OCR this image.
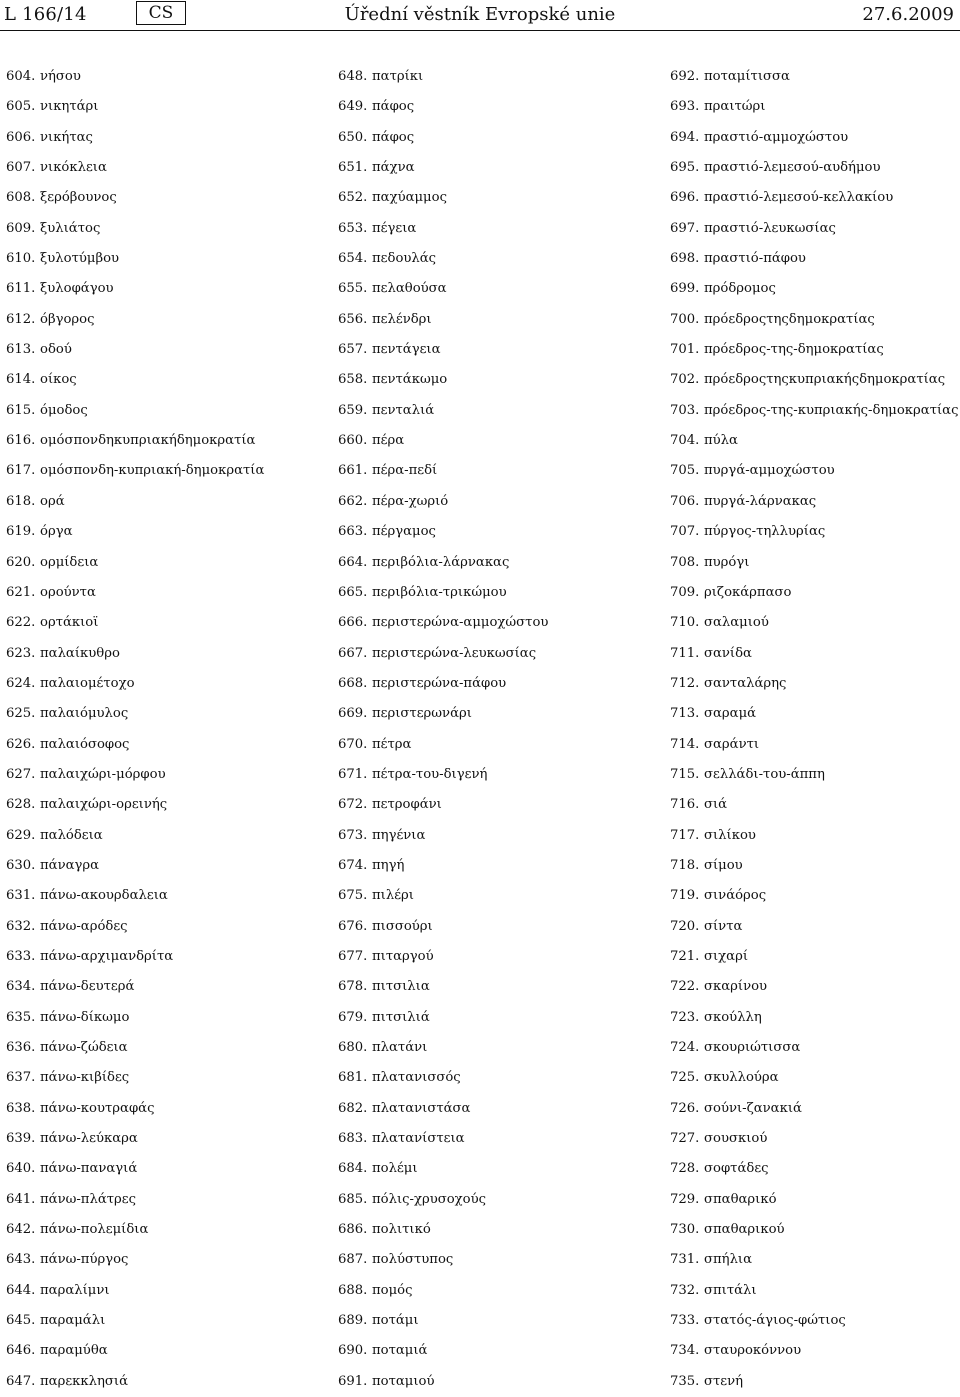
L 166/14	CS	Úřední věstník Evropské unie	27.6.2009
604. νήσου
605. νικητάρι
606. νικήτας
607. νικόκλεια
608. ξερόβουνος
609. ξυλιάτος
610. ξυλοτύμβου
611. ξυλοφάγου
612. όβγορος
613. οδού
614. οίκος
615. όμοδος
616. ομόσπονδηκυπριακήδημοκρατία
617. ομόσπονδη-κυπριακή-δημοκρατία
618. ορά
619. όργα
620. ορμίδεια
621. ορούντα
622. ορτάκιοϊ
623. παλαίκυθρο
624. παλαιομέτοχο
625. παλαιόμυλος
626. παλαιόσοφος
627. παλαιχώρι-μόρφου
628. παλαιχώρι-ορεινής
629. παλόδεια
630. πάναγρα
631. πάνω-ακουρδαλεια
632. πάνω-αρόδες
633. πάνω-αρχιμανδρίτα
634. πάνω-δευτερά
635. πάνω-δίκωμο
636. πάνω-ζώδεια
637. πάνω-κιβίδες
638. πάνω-κουτραφάς
639. πάνω-λεύκαρα
640. πάνω-παναγιά
641. πάνω-πλάτρες
642. πάνω-πολεμίδια
643. πάνω-πύργος
644. παραλίμνι
645. παραμάλι
646. παραμύθα
647. παρεκκλησιά
648. πατρίκι
649. πάφος
650. πάφος
651. πάχνα
652. παχύαμμος
653. πέγεια
654. πεδουλάς
655. πελαθούσα
656. πελένδρι
657. πεντάγεια
658. πεντάκωμο
659. πενταλιά
660. πέρα
661. πέρα-πεδί
662. πέρα-χωριό
663. πέργαμος
664. περιβόλια-λάρνακας
665. περιβόλια-τρικώμου
666. περιστερώνα-αμμοχώστου
667. περιστερώνα-λευκωσίας
668. περιστερώνα-πάφου
669. περιστερωνάρι
670. πέτρα
671. πέτρα-του-διγενή
672. πετροφάνι
673. πηγένια
674. πηγή
675. πιλέρι
676. πισσούρι
677. πιταργού
678. πιτσιλια
679. πιτσιλιά
680. πλατάνι
681. πλατανισσός
682. πλατανιστάσα
683. πλατανίστεια
684. πολέμι
685. πόλις-χρυσοχούς
686. πολιτικό
687. πολύστυπος
688. πομός
689. ποτάμι
690. ποταμιά
691. ποταμιού
692. ποταμίτισσα
693. πραιτώρι
694. πραστιό-αμμοχώστου
695. πραστιό-λεμεσού-αυδήμου
696. πραστιό-λεμεσού-κελλακίου
697. πραστιό-λευκωσίας
698. πραστιό-πάφου
699. πρόδρομος
700. πρόεδροςτηςδημοκρατίας
701. πρόεδρος-της-δημοκρατίας
702. πρόεδροςτηςκυπριακήςδημοκρατίας
703. πρόεδρος-της-κυπριακής-δημοκρατίας
704. πύλα
705. πυργά-αμμοχώστου
706. πυργά-λάρνακας
707. πύργος-τηλλυρίας
708. πυρόγι
709. ριζοκάρπασο
710. σαλαμιού
711. σανίδα
712. σανταλάρης
713. σαραμά
714. σαράντι
715. σελλάδι-του-άππη
716. σιά
717. σιλίκου
718. σίμου
719. σινάόρος
720. σίντα
721. σιχαρί
722. σκαρίνου
723. σκούλλη
724. σκουριώτισσα
725. σκυλλούρα
726. σούνι-ζανακιά
727. σουσκιού
728. σοφτάδες
729. σπαθαρικό
730. σπαθαρικού
731. σπήλια
732. σπιτάλι
733. στατός-άγιος-φώτιος
734. σταυροκόννου
735. στενή
